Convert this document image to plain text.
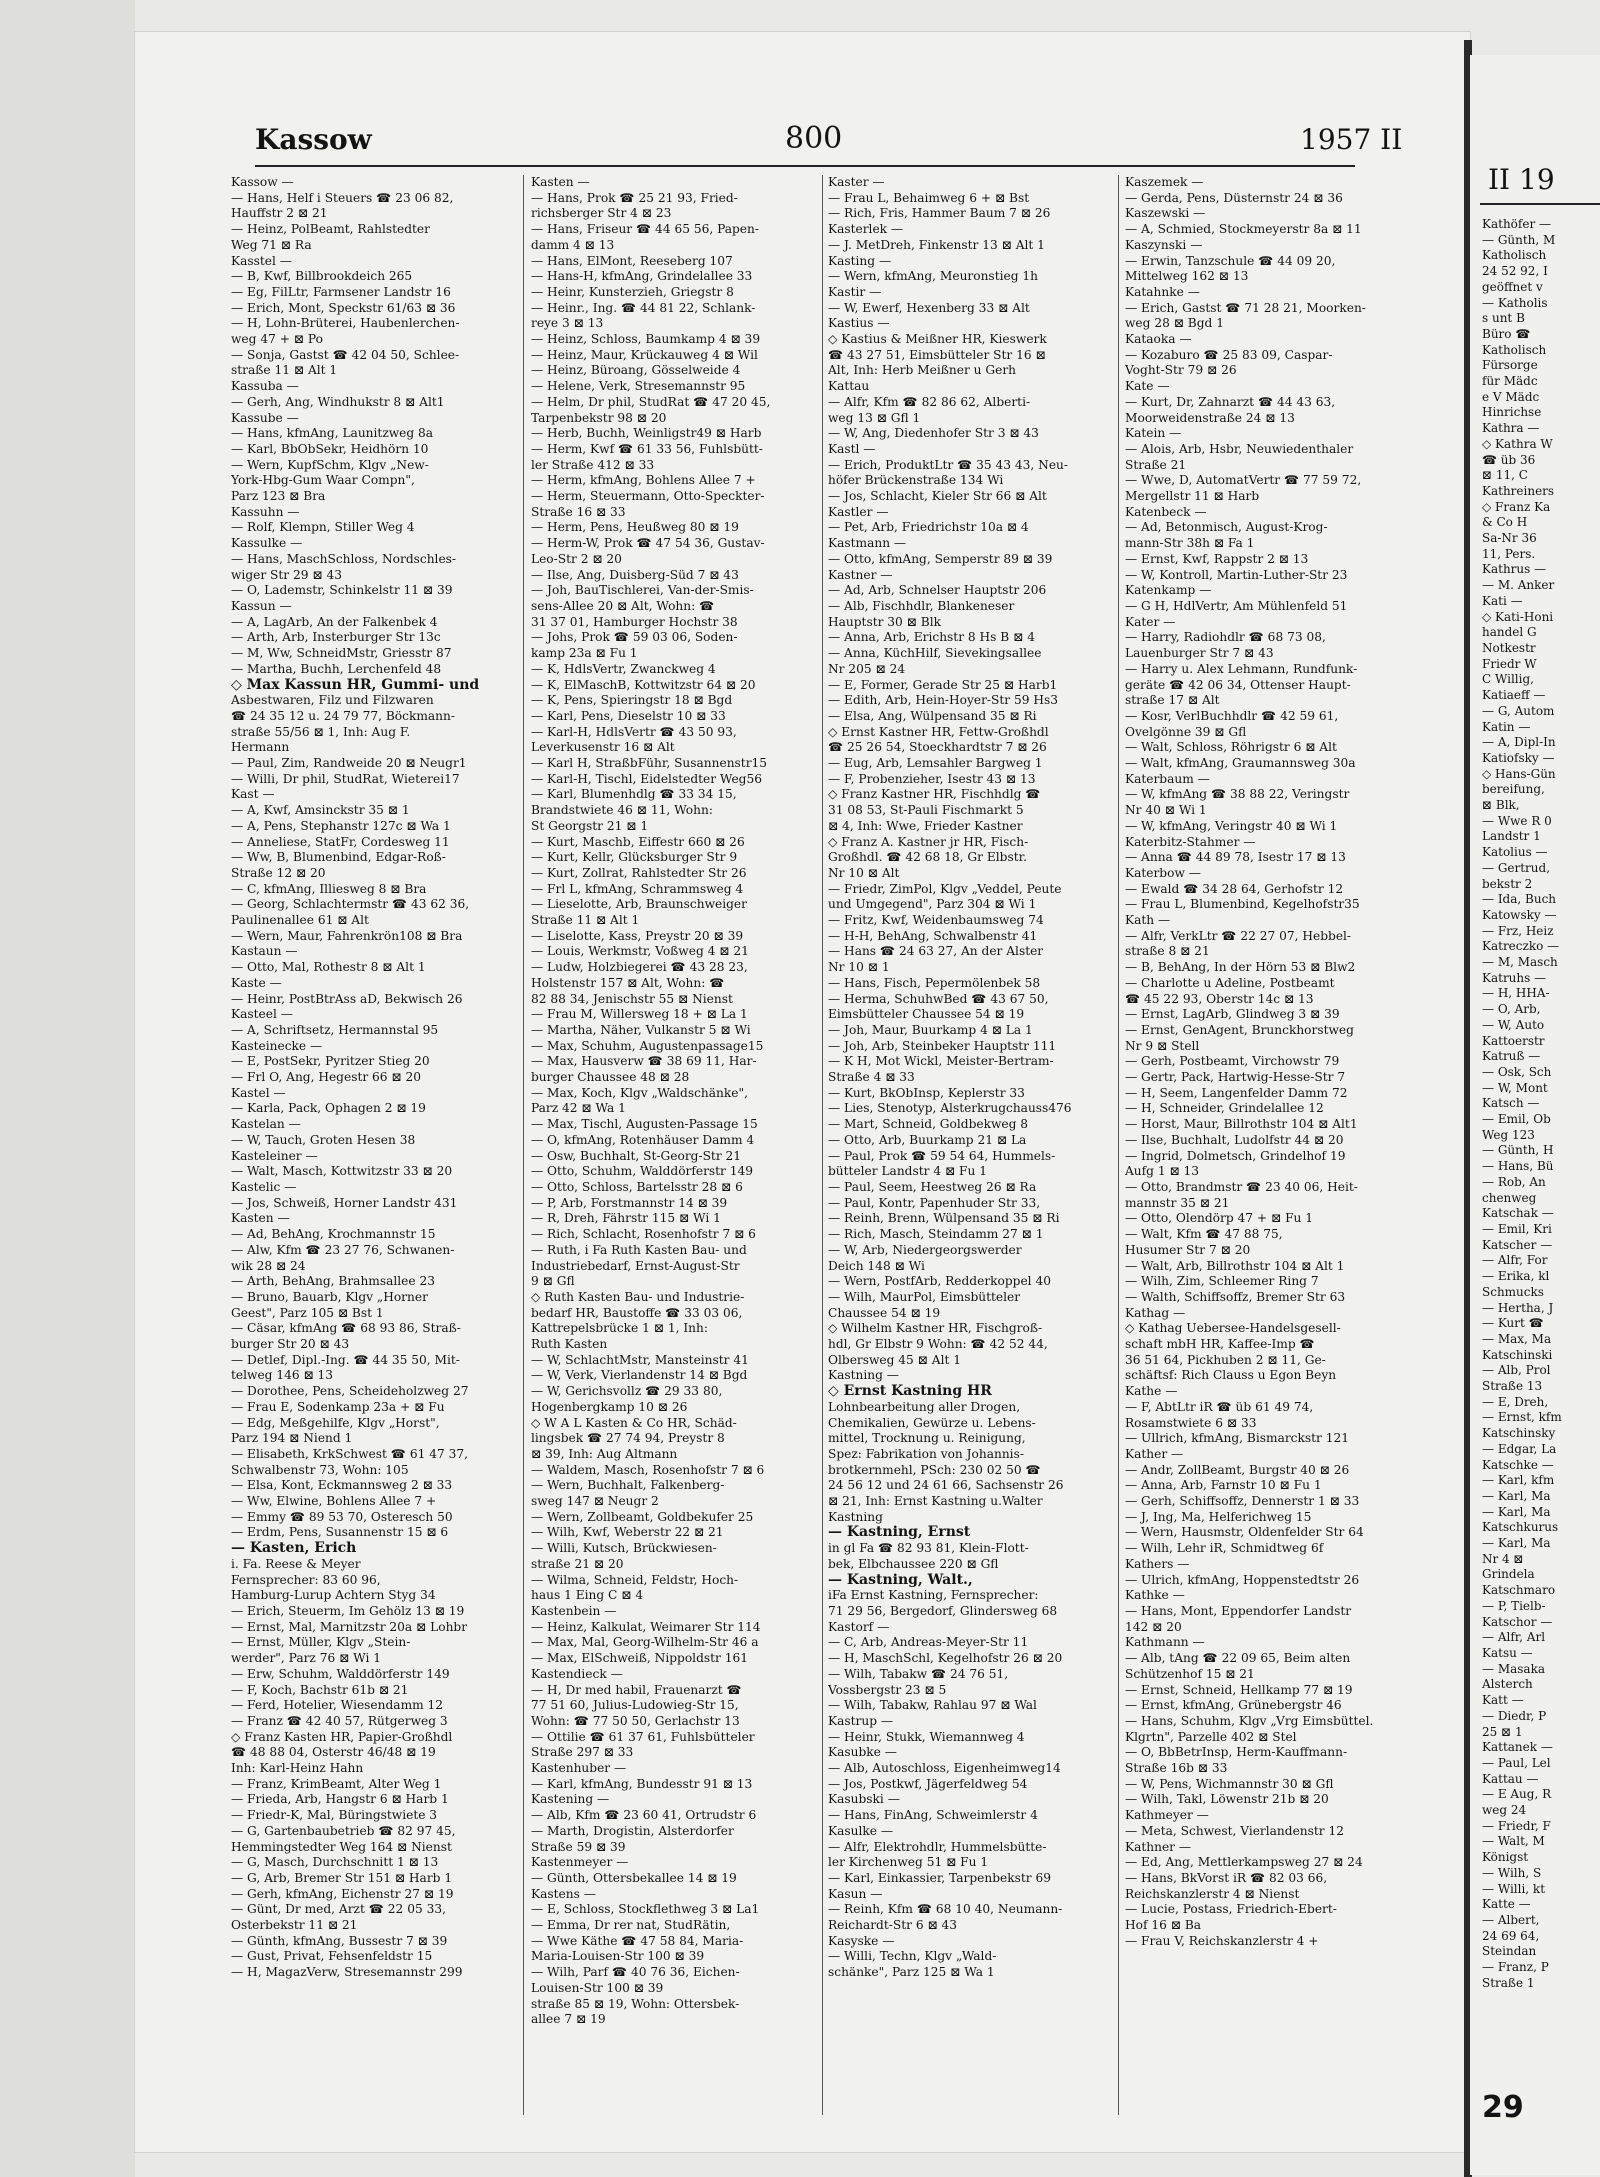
Kassow	800	1957 II
Kassow —
— Hans, Helf i Steuers ☎ 23 06 82,
Hauffstr 2 ⊠ 21
— Heinz, PolBeamt, Rahlstedter
Weg 71 ⊠ Ra
Kasstel —
— B, Kwf, Billbrookdeich 265
— Eg, FilLtr, Farmsener Landstr 16
— Erich, Mont, Speckstr 61/63 ⊠ 36
— H, Lohn-Brüterei, Haubenlerchen-
weg 47 + ⊠ Po
— Sonja, Gastst ☎ 42 04 50, Schlee-
straße 11 ⊠ Alt 1
Kassuba —
— Gerh, Ang, Windhukstr 8 ⊠ Alt1
Kassube —
— Hans, kfmAng, Launitzweg 8a
— Karl, BbObSekr, Heidhörn 10
— Wern, KupfSchm, Klgv „New-
York-Hbg-Gum Waar Compn",
Parz 123 ⊠ Bra
Kassuhn —
— Rolf, Klempn, Stiller Weg 4
Kassulke —
— Hans, MaschSchloss, Nordschles-
wiger Str 29 ⊠ 43
— O, Lademstr, Schinkelstr 11 ⊠ 39
Kassun —
— A, LagArb, An der Falkenbek 4
— Arth, Arb, Insterburger Str 13c
— M, Ww, SchneidMstr, Griesstr 87
— Martha, Buchh, Lerchenfeld 48
◇ Max Kassun HR, Gummi- und
Asbestwaren, Filz und Filzwaren
☎ 24 35 12 u. 24 79 77, Böckmann-
straße 55/56 ⊠ 1, Inh: Aug F.
Hermann
— Paul, Zim, Randweide 20 ⊠ Neugr1
— Willi, Dr phil, StudRat, Wieterei17
Kast —
— A, Kwf, Amsinckstr 35 ⊠ 1
— A, Pens, Stephanstr 127c ⊠ Wa 1
— Anneliese, StatFr, Cordesweg 11
— Ww, B, Blumenbind, Edgar-Roß-
Straße 12 ⊠ 20
— C, kfmAng, Illiesweg 8 ⊠ Bra
— Georg, Schlachtermstr ☎ 43 62 36,
Paulinenallee 61 ⊠ Alt
— Wern, Maur, Fahrenkrön108 ⊠ Bra
Kastaun —
— Otto, Mal, Rothestr 8 ⊠ Alt 1
Kaste —
— Heinr, PostBtrAss aD, Bekwisch 26
Kasteel —
— A, Schriftsetz, Hermannstal 95
Kasteinecke —
— E, PostSekr, Pyritzer Stieg 20
— Frl O, Ang, Hegestr 66 ⊠ 20
Kastel —
— Karla, Pack, Ophagen 2 ⊠ 19
Kastelan —
— W, Tauch, Groten Hesen 38
Kasteleiner —
— Walt, Masch, Kottwitzstr 33 ⊠ 20
Kastelic —
— Jos, Schweiß, Horner Landstr 431
Kasten —
— Ad, BehAng, Krochmannstr 15
— Alw, Kfm ☎ 23 27 76, Schwanen-
wik 28 ⊠ 24
— Arth, BehAng, Brahmsallee 23
— Bruno, Bauarb, Klgv „Horner
Geest", Parz 105 ⊠ Bst 1
— Cäsar, kfmAng ☎ 68 93 86, Straß-
burger Str 20 ⊠ 43
— Detlef, Dipl.-Ing. ☎ 44 35 50, Mit-
telweg 146 ⊠ 13
— Dorothee, Pens, Scheideholzweg 27
— Frau E, Sodenkamp 23a + ⊠ Fu
— Edg, Meßgehilfe, Klgv „Horst",
Parz 194 ⊠ Niend 1
— Elisabeth, KrkSchwest ☎ 61 47 37,
Schwalbenstr 73, Wohn: 105
— Elsa, Kont, Eckmannsweg 2 ⊠ 33
— Ww, Elwine, Bohlens Allee 7 +
— Emmy ☎ 89 53 70, Osteresch 50
— Erdm, Pens, Susannenstr 15 ⊠ 6
— Kasten, Erich
i. Fa. Reese & Meyer
Fernsprecher: 83 60 96,
Hamburg-Lurup Achtern Styg 34
— Erich, Steuerm, Im Gehölz 13 ⊠ 19
— Ernst, Mal, Marnitzstr 20a ⊠ Lohbr
— Ernst, Müller, Klgv „Stein-
werder", Parz 76 ⊠ Wi 1
— Erw, Schuhm, Walddörferstr 149
— F, Koch, Bachstr 61b ⊠ 21
— Ferd, Hotelier, Wiesendamm 12
— Franz ☎ 42 40 57, Rütgerweg 3
◇ Franz Kasten HR, Papier-Großhdl
☎ 48 88 04, Osterstr 46/48 ⊠ 19
Inh: Karl-Heinz Hahn
— Franz, KrimBeamt, Alter Weg 1
— Frieda, Arb, Hangstr 6 ⊠ Harb 1
— Friedr-K, Mal, Büringstwiete 3
— G, Gartenbaubetrieb ☎ 82 97 45,
Hemmingstedter Weg 164 ⊠ Nienst
— G, Masch, Durchschnitt 1 ⊠ 13
— G, Arb, Bremer Str 151 ⊠ Harb 1
— Gerh, kfmAng, Eichenstr 27 ⊠ 19
— Günt, Dr med, Arzt ☎ 22 05 33,
Osterbekstr 11 ⊠ 21
— Günth, kfmAng, Bussestr 7 ⊠ 39
— Gust, Privat, Fehsenfeldstr 15
— H, MagazVerw, Stresemannstr 299
Kasten —
— Hans, Prok ☎ 25 21 93, Fried-
richsberger Str 4 ⊠ 23
— Hans, Friseur ☎ 44 65 56, Papen-
damm 4 ⊠ 13
— Hans, ElMont, Reeseberg 107
— Hans-H, kfmAng, Grindelallee 33
— Heinr, Kunsterzieh, Griegstr 8
— Heinr., Ing. ☎ 44 81 22, Schlank-
reye 3 ⊠ 13
— Heinz, Schloss, Baumkamp 4 ⊠ 39
— Heinz, Maur, Krückauweg 4 ⊠ Wil
— Heinz, Büroang, Gösselweide 4
— Helene, Verk, Stresemannstr 95
— Helm, Dr phil, StudRat ☎ 47 20 45,
Tarpenbekstr 98 ⊠ 20
— Herb, Buchh, Weinligstr49 ⊠ Harb
— Herm, Kwf ☎ 61 33 56, Fuhlsbütt-
ler Straße 412 ⊠ 33
— Herm, kfmAng, Bohlens Allee 7 +
— Herm, Steuermann, Otto-Speckter-
Straße 16 ⊠ 33
— Herm, Pens, Heußweg 80 ⊠ 19
— Herm-W, Prok ☎ 47 54 36, Gustav-
Leo-Str 2 ⊠ 20
— Ilse, Ang, Duisberg-Süd 7 ⊠ 43
— Joh, BauTischlerei, Van-der-Smis-
sens-Allee 20 ⊠ Alt, Wohn: ☎
31 37 01, Hamburger Hochstr 38
— Johs, Prok ☎ 59 03 06, Soden-
kamp 23a ⊠ Fu 1
— K, HdlsVertr, Zwanckweg 4
— K, ElMaschB, Kottwitzstr 64 ⊠ 20
— K, Pens, Spieringstr 18 ⊠ Bgd
— Karl, Pens, Dieselstr 10 ⊠ 33
— Karl-H, HdlsVertr ☎ 43 50 93,
Leverkusenstr 16 ⊠ Alt
— Karl H, StraßbFühr, Susannenstr15
— Karl-H, Tischl, Eidelstedter Weg56
— Karl, Blumenhdlg ☎ 33 34 15,
Brandstwiete 46 ⊠ 11, Wohn:
St Georgstr 21 ⊠ 1
— Kurt, Maschb, Eiffestr 660 ⊠ 26
— Kurt, Kellr, Glücksburger Str 9
— Kurt, Zollrat, Rahlstedter Str 26
— Frl L, kfmAng, Schrammsweg 4
— Lieselotte, Arb, Braunschweiger
Straße 11 ⊠ Alt 1
— Liselotte, Kass, Preystr 20 ⊠ 39
— Louis, Werkmstr, Voßweg 4 ⊠ 21
— Ludw, Holzbiegerei ☎ 43 28 23,
Holstenstr 157 ⊠ Alt, Wohn: ☎
82 88 34, Jenischstr 55 ⊠ Nienst
— Frau M, Willersweg 18 + ⊠ La 1
— Martha, Näher, Vulkanstr 5 ⊠ Wi
— Max, Schuhm, Augustenpassage15
— Max, Hausverw ☎ 38 69 11, Har-
burger Chaussee 48 ⊠ 28
— Max, Koch, Klgv „Waldschänke",
Parz 42 ⊠ Wa 1
— Max, Tischl, Augusten-Passage 15
— O, kfmAng, Rotenhäuser Damm 4
— Osw, Buchhalt, St-Georg-Str 21
— Otto, Schuhm, Walddörferstr 149
— Otto, Schloss, Bartelsstr 28 ⊠ 6
— P, Arb, Forstmannstr 14 ⊠ 39
— R, Dreh, Fährstr 115 ⊠ Wi 1
— Rich, Schlacht, Rosenhofstr 7 ⊠ 6
— Ruth, i Fa Ruth Kasten Bau- und
Industriebedarf, Ernst-August-Str
9 ⊠ Gfl
◇ Ruth Kasten Bau- und Industrie-
bedarf HR, Baustoffe ☎ 33 03 06,
Kattrepelsbrücke 1 ⊠ 1, Inh:
Ruth Kasten
— W, SchlachtMstr, Mansteinstr 41
— W, Verk, Vierlandenstr 14 ⊠ Bgd
— W, Gerichsvollz ☎ 29 33 80,
Hogenbergkamp 10 ⊠ 26
◇ W A L Kasten & Co HR, Schäd-
lingsbek ☎ 27 74 94, Preystr 8
⊠ 39, Inh: Aug Altmann
— Waldem, Masch, Rosenhofstr 7 ⊠ 6
— Wern, Buchhalt, Falkenberg-
sweg 147 ⊠ Neugr 2
— Wern, Zollbeamt, Goldbekufer 25
— Wilh, Kwf, Weberstr 22 ⊠ 21
— Willi, Kutsch, Brückwiesen-
straße 21 ⊠ 20
— Wilma, Schneid, Feldstr, Hoch-
haus 1 Eing C ⊠ 4
Kastenbein —
— Heinz, Kalkulat, Weimarer Str 114
— Max, Mal, Georg-Wilhelm-Str 46 a
— Max, ElSchweiß, Nippoldstr 161
Kastendieck —
— H, Dr med habil, Frauenarzt ☎
77 51 60, Julius-Ludowieg-Str 15,
Wohn: ☎ 77 50 50, Gerlachstr 13
— Ottilie ☎ 61 37 61, Fuhlsbütteler
Straße 297 ⊠ 33
Kastenhuber —
— Karl, kfmAng, Bundesstr 91 ⊠ 13
Kastening —
— Alb, Kfm ☎ 23 60 41, Ortrudstr 6
— Marth, Drogistin, Alsterdorfer
Straße 59 ⊠ 39
Kastenmeyer —
— Günth, Ottersbekallee 14 ⊠ 19
Kastens —
— E, Schloss, Stockflethweg 3 ⊠ La1
— Emma, Dr rer nat, StudRätin,
— Wwe Käthe ☎ 47 58 84, Maria-
Maria-Louisen-Str 100 ⊠ 39
— Wilh, Parf ☎ 40 76 36, Eichen-
Louisen-Str 100 ⊠ 39
straße 85 ⊠ 19, Wohn: Ottersbek-
allee 7 ⊠ 19
Kaster —
— Frau L, Behaimweg 6 + ⊠ Bst
— Rich, Fris, Hammer Baum 7 ⊠ 26
Kasterlek —
— J. MetDreh, Finkenstr 13 ⊠ Alt 1
Kasting —
— Wern, kfmAng, Meuronstieg 1h
Kastir —
— W, Ewerf, Hexenberg 33 ⊠ Alt
Kastius —
◇ Kastius & Meißner HR, Kieswerk
☎ 43 27 51, Eimsbütteler Str 16 ⊠
Alt, Inh: Herb Meißner u Gerh
Kattau
— Alfr, Kfm ☎ 82 86 62, Alberti-
weg 13 ⊠ Gfl 1
— W, Ang, Diedenhofer Str 3 ⊠ 43
Kastl —
— Erich, ProduktLtr ☎ 35 43 43, Neu-
höfer Brückenstraße 134 Wi
— Jos, Schlacht, Kieler Str 66 ⊠ Alt
Kastler —
— Pet, Arb, Friedrichstr 10a ⊠ 4
Kastmann —
— Otto, kfmAng, Semperstr 89 ⊠ 39
Kastner —
— Ad, Arb, Schnelser Hauptstr 206
— Alb, Fischhdlr, Blankeneser
Hauptstr 30 ⊠ Blk
— Anna, Arb, Erichstr 8 Hs B ⊠ 4
— Anna, KüchHilf, Sievekingsallee
Nr 205 ⊠ 24
— E, Former, Gerade Str 25 ⊠ Harb1
— Edith, Arb, Hein-Hoyer-Str 59 Hs3
— Elsa, Ang, Wülpensand 35 ⊠ Ri
◇ Ernst Kastner HR, Fettw-Großhdl
☎ 25 26 54, Stoeckhardtstr 7 ⊠ 26
— Eug, Arb, Lemsahler Bargweg 1
— F, Probenzieher, Isestr 43 ⊠ 13
◇ Franz Kastner HR, Fischhdlg ☎
31 08 53, St-Pauli Fischmarkt 5
⊠ 4, Inh: Wwe, Frieder Kastner
◇ Franz A. Kastner jr HR, Fisch-
Großhdl. ☎ 42 68 18, Gr Elbstr.
Nr 10 ⊠ Alt
— Friedr, ZimPol, Klgv „Veddel, Peute
und Umgegend", Parz 304 ⊠ Wi 1
— Fritz, Kwf, Weidenbaumsweg 74
— H-H, BehAng, Schwalbenstr 41
— Hans ☎ 24 63 27, An der Alster
Nr 10 ⊠ 1
— Hans, Fisch, Pepermölenbek 58
— Herma, SchuhwBed ☎ 43 67 50,
Eimsbütteler Chaussee 54 ⊠ 19
— Joh, Maur, Buurkamp 4 ⊠ La 1
— Joh, Arb, Steinbeker Hauptstr 111
— K H, Mot Wickl, Meister-Bertram-
Straße 4 ⊠ 33
— Kurt, BkObInsp, Keplerstr 33
— Lies, Stenotyp, Alsterkrugchauss476
— Mart, Schneid, Goldbekweg 8
— Otto, Arb, Buurkamp 21 ⊠ La
— Paul, Prok ☎ 59 54 64, Hummels-
bütteler Landstr 4 ⊠ Fu 1
— Paul, Seem, Heestweg 26 ⊠ Ra
— Paul, Kontr, Papenhuder Str 33,
— Reinh, Brenn, Wülpensand 35 ⊠ Ri
— Rich, Masch, Steindamm 27 ⊠ 1
— W, Arb, Niedergeorgswerder
Deich 148 ⊠ Wi
— Wern, PostfArb, Redderkoppel 40
— Wilh, MaurPol, Eimsbütteler
Chaussee 54 ⊠ 19
◇ Wilhelm Kastner HR, Fischgroß-
hdl, Gr Elbstr 9 Wohn: ☎ 42 52 44,
Olbersweg 45 ⊠ Alt 1
Kastning —
◇ Ernst Kastning HR
Lohnbearbeitung aller Drogen,
Chemikalien, Gewürze u. Lebens-
mittel, Trocknung u. Reinigung,
Spez: Fabrikation von Johannis-
brotkernmehl, PSch: 230 02 50 ☎
24 56 12 und 24 61 66, Sachsenstr 26
⊠ 21, Inh: Ernst Kastning u.Walter
Kastning
— Kastning, Ernst
in gl Fa ☎ 82 93 81, Klein-Flott-
bek, Elbchaussee 220 ⊠ Gfl
— Kastning, Walt.,
iFa Ernst Kastning, Fernsprecher:
71 29 56, Bergedorf, Glindersweg 68
Kastorf —
— C, Arb, Andreas-Meyer-Str 11
— H, MaschSchl, Kegelhofstr 26 ⊠ 20
— Wilh, Tabakw ☎ 24 76 51,
Vossbergstr 23 ⊠ 5
— Wilh, Tabakw, Rahlau 97 ⊠ Wal
Kastrup —
— Heinr, Stukk, Wiemannweg 4
Kasubke —
— Alb, Autoschloss, Eigenheimweg14
— Jos, Postkwf, Jägerfeldweg 54
Kasubski —
— Hans, FinAng, Schweimlerstr 4
Kasulke —
— Alfr, Elektrohdlr, Hummelsbütte-
ler Kirchenweg 51 ⊠ Fu 1
— Karl, Einkassier, Tarpenbekstr 69
Kasun —
— Reinh, Kfm ☎ 68 10 40, Neumann-
Reichardt-Str 6 ⊠ 43
Kasyske —
— Willi, Techn, Klgv „Wald-
schänke", Parz 125 ⊠ Wa 1
Kaszemek —
— Gerda, Pens, Düsternstr 24 ⊠ 36
Kaszewski —
— A, Schmied, Stockmeyerstr 8a ⊠ 11
Kaszynski —
— Erwin, Tanzschule ☎ 44 09 20,
Mittelweg 162 ⊠ 13
Katahnke —
— Erich, Gastst ☎ 71 28 21, Moorken-
weg 28 ⊠ Bgd 1
Kataoka —
— Kozaburo ☎ 25 83 09, Caspar-
Voght-Str 79 ⊠ 26
Kate —
— Kurt, Dr, Zahnarzt ☎ 44 43 63,
Moorweidenstraße 24 ⊠ 13
Katein —
— Alois, Arb, Hsbr, Neuwiedenthaler
Straße 21
— Wwe, D, AutomatVertr ☎ 77 59 72,
Mergellstr 11 ⊠ Harb
Katenbeck —
— Ad, Betonmisch, August-Krog-
mann-Str 38h ⊠ Fa 1
— Ernst, Kwf, Rappstr 2 ⊠ 13
— W, Kontroll, Martin-Luther-Str 23
Katenkamp —
— G H, HdlVertr, Am Mühlenfeld 51
Kater —
— Harry, Radiohdlr ☎ 68 73 08,
Lauenburger Str 7 ⊠ 43
— Harry u. Alex Lehmann, Rundfunk-
geräte ☎ 42 06 34, Ottenser Haupt-
straße 17 ⊠ Alt
— Kosr, VerlBuchhdlr ☎ 42 59 61,
Ovelgönne 39 ⊠ Gfl
— Walt, Schloss, Röhrigstr 6 ⊠ Alt
— Walt, kfmAng, Graumannsweg 30a
Katerbaum —
— W, kfmAng ☎ 38 88 22, Veringstr
Nr 40 ⊠ Wi 1
— W, kfmAng, Veringstr 40 ⊠ Wi 1
Katerbitz-Stahmer —
— Anna ☎ 44 89 78, Isestr 17 ⊠ 13
Katerbow —
— Ewald ☎ 34 28 64, Gerhofstr 12
— Frau L, Blumenbind, Kegelhofstr35
Kath —
— Alfr, VerkLtr ☎ 22 27 07, Hebbel-
straße 8 ⊠ 21
— B, BehAng, In der Hörn 53 ⊠ Blw2
— Charlotte u Adeline, Postbeamt
☎ 45 22 93, Oberstr 14c ⊠ 13
— Ernst, LagArb, Glindweg 3 ⊠ 39
— Ernst, GenAgent, Brunckhorstweg
Nr 9 ⊠ Stell
— Gerh, Postbeamt, Virchowstr 79
— Gertr, Pack, Hartwig-Hesse-Str 7
— H, Seem, Langenfelder Damm 72
— H, Schneider, Grindelallee 12
— Horst, Maur, Billrothstr 104 ⊠ Alt1
— Ilse, Buchhalt, Ludolfstr 44 ⊠ 20
— Ingrid, Dolmetsch, Grindelhof 19
Aufg 1 ⊠ 13
— Otto, Brandmstr ☎ 23 40 06, Heit-
mannstr 35 ⊠ 21
— Otto, Olendörp 47 + ⊠ Fu 1
— Walt, Kfm ☎ 47 88 75,
Husumer Str 7 ⊠ 20
— Walt, Arb, Billrothstr 104 ⊠ Alt 1
— Wilh, Zim, Schleemer Ring 7
— Walth, Schiffsoffz, Bremer Str 63
Kathag —
◇ Kathag Uebersee-Handelsgesell-
schaft mbH HR, Kaffee-Imp ☎
36 51 64, Pickhuben 2 ⊠ 11, Ge-
schäftsf: Rich Clauss u Egon Beyn
Kathe —
— F, AbtLtr iR ☎ üb 61 49 74,
Rosamstwiete 6 ⊠ 33
— Ullrich, kfmAng, Bismarckstr 121
Kather —
— Andr, ZollBeamt, Burgstr 40 ⊠ 26
— Anna, Arb, Farnstr 10 ⊠ Fu 1
— Gerh, Schiffsoffz, Dennerstr 1 ⊠ 33
— J, Ing, Ma, Helferichweg 15
— Wern, Hausmstr, Oldenfelder Str 64
— Wilh, Lehr iR, Schmidtweg 6f
Kathers —
— Ulrich, kfmAng, Hoppenstedtstr 26
Kathke —
— Hans, Mont, Eppendorfer Landstr
142 ⊠ 20
Kathmann —
— Alb, tAng ☎ 22 09 65, Beim alten
Schützenhof 15 ⊠ 21
— Ernst, Schneid, Hellkamp 77 ⊠ 19
— Ernst, kfmAng, Grünebergstr 46
— Hans, Schuhm, Klgv „Vrg Eimsbüttel.
Klgrtn", Parzelle 402 ⊠ Stel
— O, BbBetrInsp, Herm-Kauffmann-
Straße 16b ⊠ 33
— W, Pens, Wichmannstr 30 ⊠ Gfl
— Wilh, Takl, Löwenstr 21b ⊠ 20
Kathmeyer —
— Meta, Schwest, Vierlandenstr 12
Kathner —
— Ed, Ang, Mettlerkampsweg 27 ⊠ 24
— Hans, BkVorst iR ☎ 82 03 66,
Reichskanzlerstr 4 ⊠ Nienst
— Lucie, Postass, Friedrich-Ebert-
Hof 16 ⊠ Ba
— Frau V, Reichskanzlerstr 4 +
II 19
Kathöfer —
— Günth, M
Katholisch
24 52 92, I
geöffnet v
— Katholis
s unt B
Büro ☎
Katholisch
Fürsorge
für Mädc
e V Mädc
Hinrichse
Kathra —
◇ Kathra W
☎ üb 36
⊠ 11, C
Kathreiners
◇ Franz Ka
& Co H
Sa-Nr 36
11, Pers.
Kathrus —
— M. Anker
Kati —
◇ Kati-Honi
handel G
Notkestr
Friedr W
C Willig,
Katiaeff —
— G, Autom
Katin —
— A, Dipl-In
Katiofsky —
◇ Hans-Gün
bereifung,
⊠ Blk,
— Wwe R 0
Landstr 1
Katolius —
— Gertrud,
bekstr 2
— Ida, Buch
Katowsky —
— Frz, Heiz
Katreczko —
— M, Masch
Katruhs —
— H, HHA-
— O, Arb,
— W, Auto
Kattoerstr
Katruß —
— Osk, Sch
— W, Mont
Katsch —
— Emil, Ob
Weg 123
— Günth, H
— Hans, Bü
— Rob, An
chenweg
Katschak —
— Emil, Kri
Katscher —
— Alfr, For
— Erika, kl
Schmucks
— Hertha, J
— Kurt ☎
— Max, Ma
Katschinski
— Alb, Prol
Straße 13
— E, Dreh,
— Ernst, kfm
Katschinsky
— Edgar, La
Katschke —
— Karl, kfm
— Karl, Ma
— Karl, Ma
Katschkurus
— Karl, Ma
Nr 4 ⊠
Grindela
Katschmaro
— P, Tielb-
Katschor —
— Alfr, Arl
Katsu —
— Masaka
Alsterch
Katt —
— Diedr, P
25 ⊠ 1
Kattanek —
— Paul, Lel
Kattau —
— E Aug, R
weg 24
— Friedr, F
— Walt, M
Königst
— Wilh, S
— Willi, kt
Katte —
— Albert,
24 69 64,
Steindan
— Franz, P
Straße 1
29
